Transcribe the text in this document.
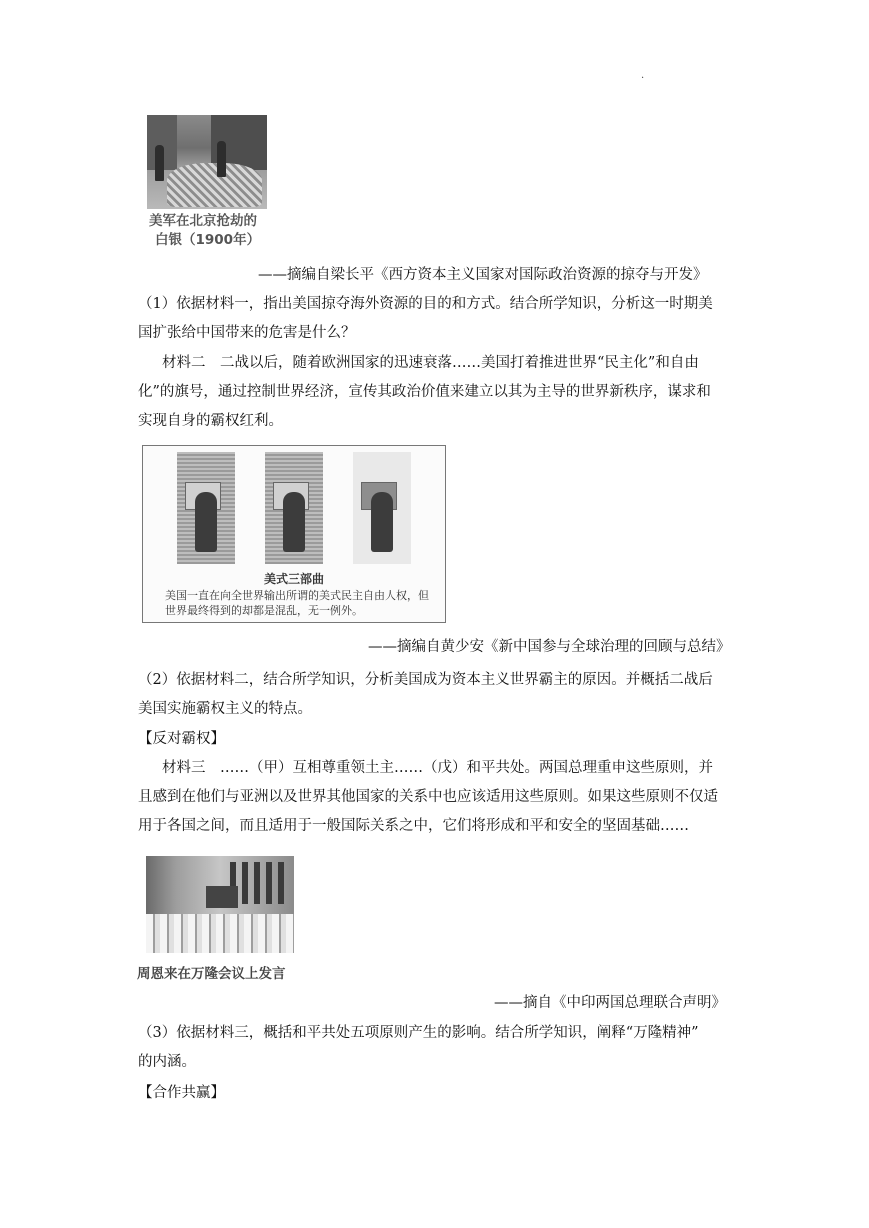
.
美军在北京抢劫的
白银（1900年）
——摘编自梁长平《西方资本主义国家对国际政治资源的掠夺与开发》
（1）依据材料一，指出美国掠夺海外资源的目的和方式。结合所学知识，分析这一时期美
国扩张给中国带来的危害是什么？
材料二　二战以后，随着欧洲国家的迅速衰落……美国打着推进世界“民主化”和自由
化”的旗号，通过控制世界经济，宣传其政治价值来建立以其为主导的世界新秩序，谋求和
实现自身的霸权红利。
美式三部曲
美国一直在向全世界输出所谓的美式民主自由人权，但世界最终得到的却都是混乱，无一例外。
——摘编自黄少安《新中国参与全球治理的回顾与总结》
（2）依据材料二，结合所学知识，分析美国成为资本主义世界霸主的原因。并概括二战后
美国实施霸权主义的特点。
【反对霸权】
材料三　……（甲）互相尊重领土主……（戊）和平共处。两国总理重申这些原则，并
且感到在他们与亚洲以及世界其他国家的关系中也应该适用这些原则。如果这些原则不仅适
用于各国之间，而且适用于一般国际关系之中，它们将形成和平和安全的坚固基础……
周恩来在万隆会议上发言
——摘自《中印两国总理联合声明》
（3）依据材料三，概括和平共处五项原则产生的影响。结合所学知识，阐释“万隆精神”
的内涵。
【合作共赢】
